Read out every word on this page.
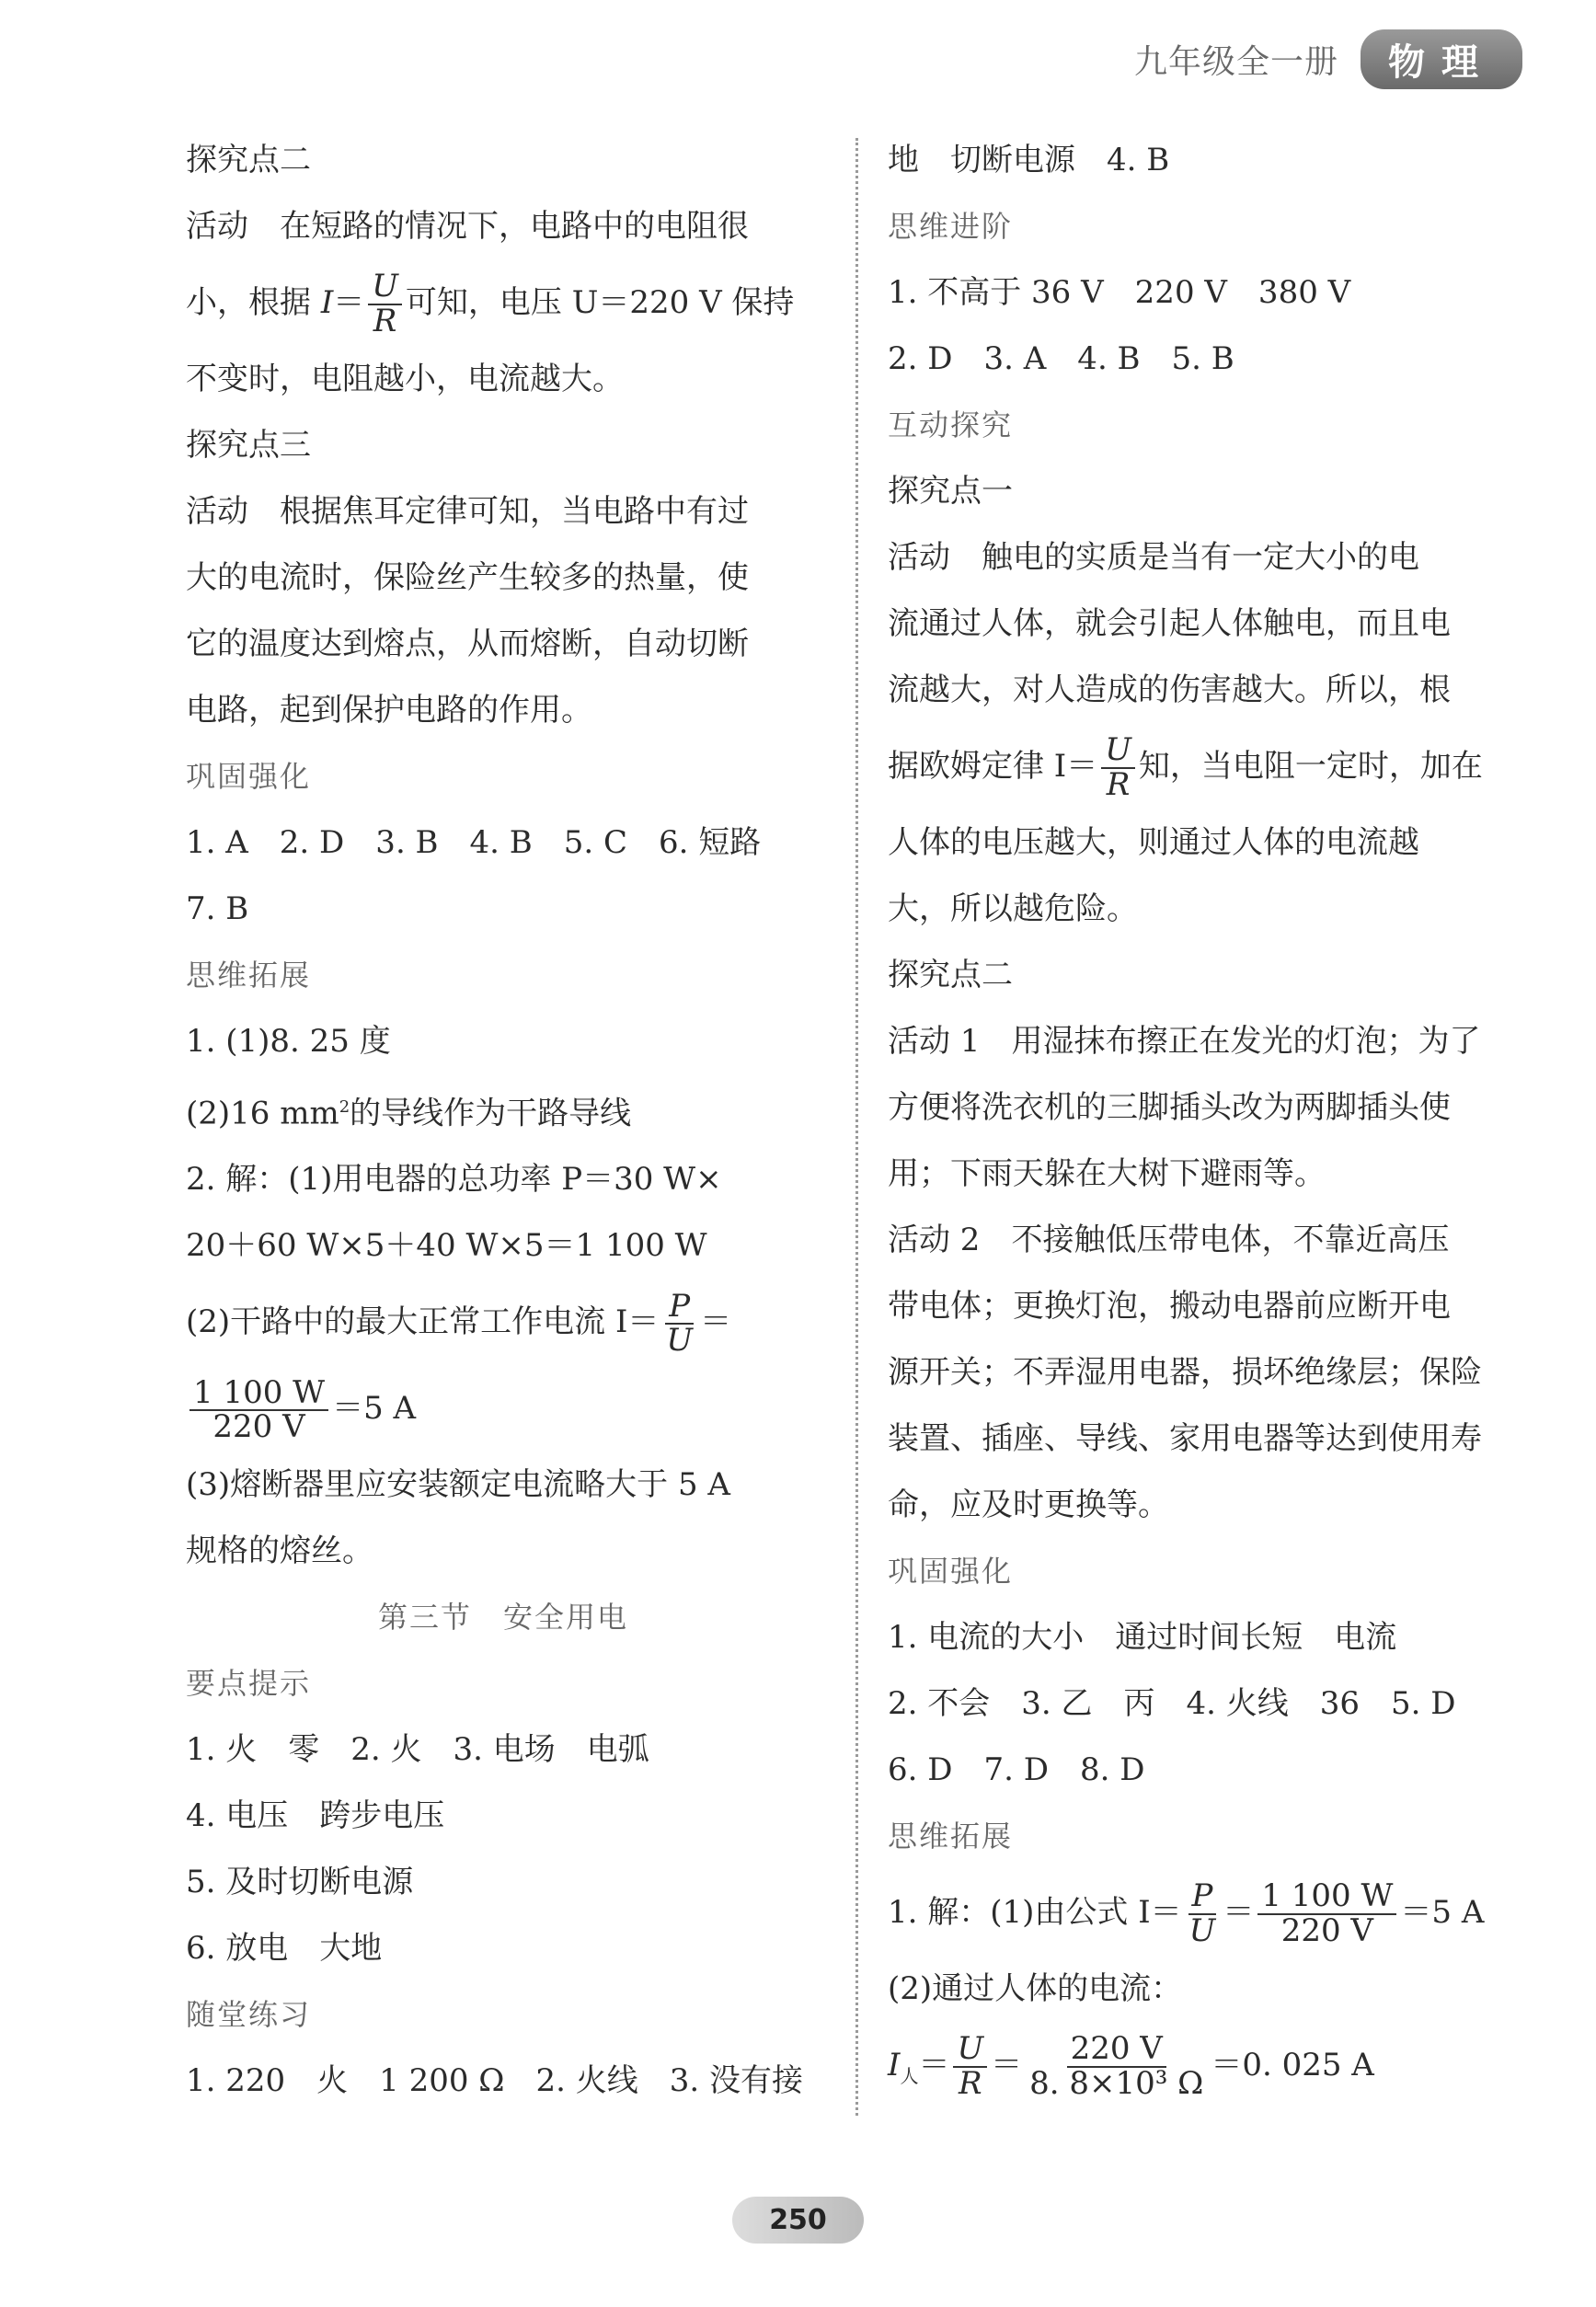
九年级全一册	物理
探究点二
活动　在短路的情况下，电路中的电阻很
小，根据 $I= \frac{U}{R}$ 可知，电压 U＝220 V 保持
不变时，电阻越小，电流越大。
探究点三
活动　根据焦耳定律可知，当电路中有过
大的电流时，保险丝产生较多的热量，使
它的温度达到熔点，从而熔断，自动切断
电路，起到保护电路的作用。
巩固强化
1. A　2. D　3. B　4. B　5. C　6. 短路
7. B
思维拓展
1. (1)8. 25 度
(2)16 $mm^2$的导线作为干路导线
2. 解：(1)用电器的总功率 P＝30 W×
20＋60 W×5＋40 W×5＝1 100 W
(2)干路中的最大正常工作电流 $I= \frac{P}{U}$ ＝
$\frac{1 100 W}{220 V} =5$ A
(3)熔断器里应安装额定电流略大于 5 A
规格的熔丝。
第三节　安全用电
要点提示
1. 火　零　2. 火　3. 电场　电弧
4. 电压　跨步电压
5. 及时切断电源
6. 放电　大地
随堂练习
1. 220　火　1 200 Ω　2. 火线　3. 没有接
地　切断电源　4. B
思维进阶
1. 不高于 36 V　220 V　380 V
2. D　3. A　4. B　5. B
互动探究
探究点一
活动　触电的实质是当有一定大小的电
流通过人体，就会引起人体触电，而且电
流越大，对人造成的伤害越大。所以，根
据欧姆定律 $I= \frac{U}{R}$ 知，当电阻一定时，加在
人体的电压越大，则通过人体的电流越
大，所以越危险。
探究点二
活动 1　用湿抹布擦正在发光的灯泡；为了
方便将洗衣机的三脚插头改为两脚插头使
用；下雨天躲在大树下避雨等。
活动 2　不接触低压带电体，不靠近高压
带电体；更换灯泡，搬动电器前应断开电
源开关；不弄湿用电器，损坏绝缘层；保险
装置、插座、导线、家用电器等达到使用寿
命，应及时更换等。
巩固强化
1. 电流的大小　通过时间长短　电流
2. 不会　3. 乙　丙　4. 火线　36　5. D
6. D　7. D　8. D
思维拓展
1. 解：(1)由公式 $I= \frac{P}{U} = \frac{1 100 W}{220 V} =5$ A
(2)通过人体的电流：
$I_人= \frac{U}{R} = \frac{220 V}{\text{8. 8×10³ Ω}} =0$. 025 A
250
